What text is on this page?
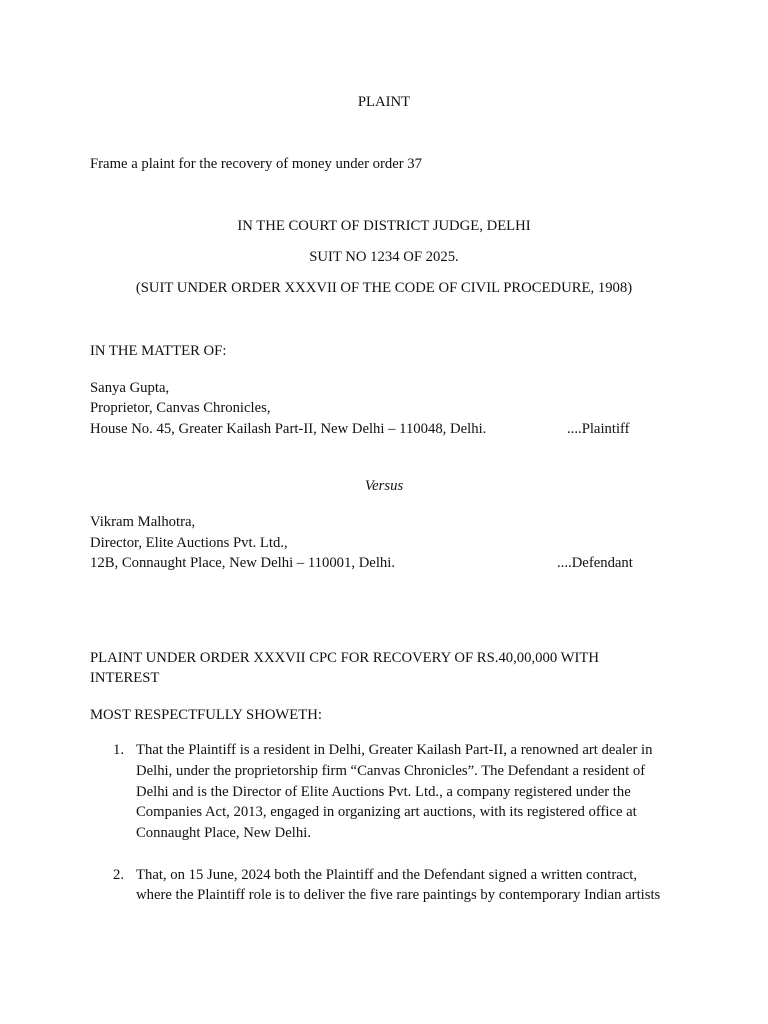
PLAINT
Frame a plaint for the recovery of money under order 37
IN THE COURT OF DISTRICT JUDGE, DELHI
SUIT NO 1234 OF 2025.
(SUIT UNDER ORDER XXXVII OF THE CODE OF CIVIL PROCEDURE, 1908)
IN THE MATTER OF:
Sanya Gupta,
Proprietor, Canvas Chronicles,
House No. 45, Greater Kailash Part-II, New Delhi – 110048, Delhi.	....Plaintiff
Versus
Vikram Malhotra,
Director, Elite Auctions Pvt. Ltd.,
12B, Connaught Place, New Delhi – 110001, Delhi.	....Defendant
PLAINT UNDER ORDER XXXVII CPC FOR RECOVERY OF RS.40,00,000 WITH
INTEREST
MOST RESPECTFULLY SHOWETH:
1. That the Plaintiff is a resident in Delhi, Greater Kailash Part-II, a renowned art dealer in
Delhi, under the proprietorship firm “Canvas Chronicles”. The Defendant a resident of
Delhi and is the Director of Elite Auctions Pvt. Ltd., a company registered under the
Companies Act, 2013, engaged in organizing art auctions, with its registered office at
Connaught Place, New Delhi.
2. That, on 15 June, 2024 both the Plaintiff and the Defendant signed a written contract,
where the Plaintiff role is to deliver the five rare paintings by contemporary Indian artists
